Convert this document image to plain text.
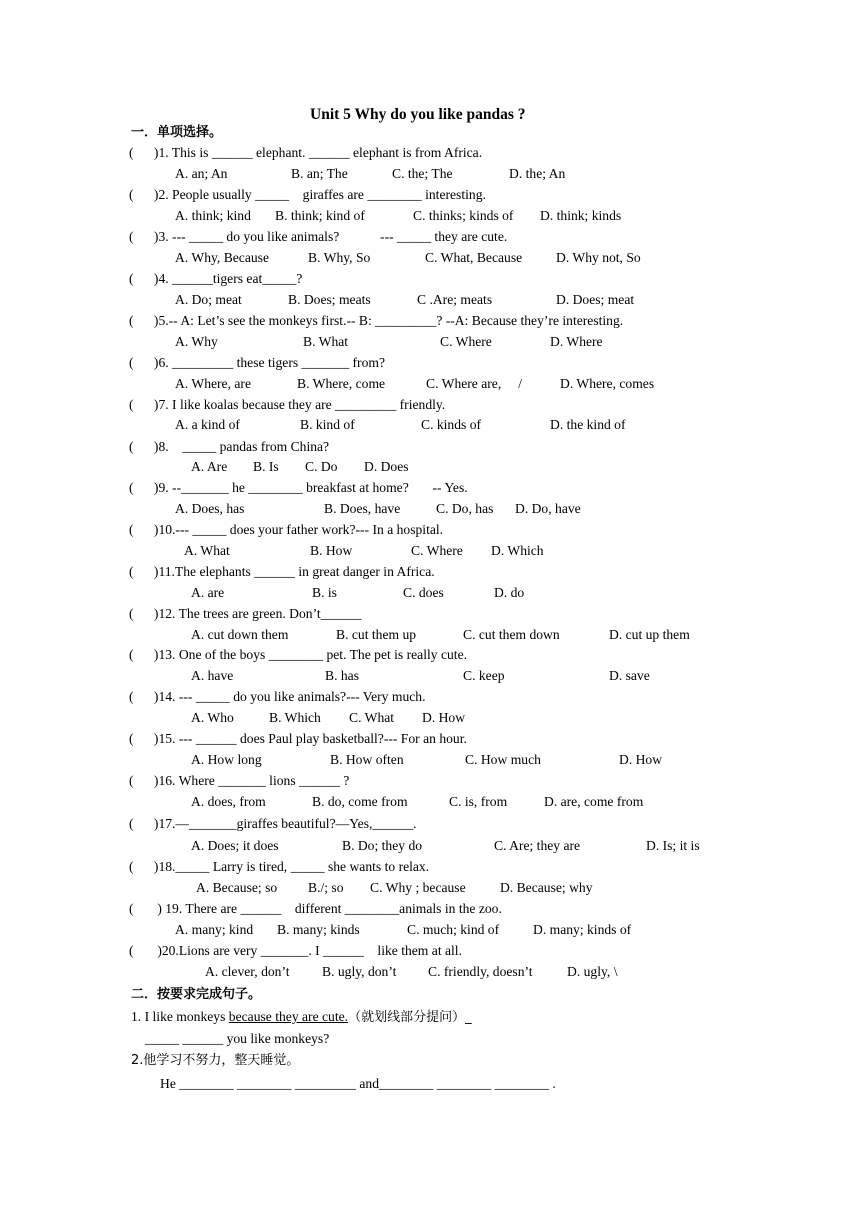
Unit 5 Why do you like pandas ?
一．单项选择。
(      )1. This is ______ elephant. ______ elephant is from Africa.
A. an; An	B. an; The	C. the; The	D. the; An
(      )2. People usually _____    giraffes are ________ interesting.
A. think; kind B. think; kind of	C. thinks; kinds of D. think; kinds
(      )3. --- _____ do you like animals?            --- _____ they are cute.
A. Why, Because	B. Why, So	C. What, Because D. Why not, So
(      )4. ______tigers eat_____?
A. Do; meat	B. Does; meats	C .Are; meats	D. Does; meat
(      )5.-- A: Let’s see the monkeys first.-- B: _________? --A: Because they’re interesting.
A. Why	B. What	C. Where	D. Where
(      )6. _________ these tigers _______ from?
A. Where, are	B. Where, come	C. Where are,     /	D. Where, comes
(      )7. I like koalas because they are _________ friendly.
A. a kind of	B. kind of	C. kinds of	D. the kind of
(      )8.    _____ pandas from China?
A. Are B. Is C. Do D. Does
(      )9. --_______ he ________ breakfast at home?       -- Yes.
A. Does, has	B. Does, have	C. Do, has D. Do, have
(      )10.--- _____ does your father work?--- In a hospital.
A. What	B. How	C. Where D. Which
(      )11.The elephants ______ in great danger in Africa.
A. are	B. is	C. does	D. do
(      )12. The trees are green. Don’t______
A. cut down them	B. cut them up	C. cut them down	D. cut up them
(      )13. One of the boys ________ pet. The pet is really cute.
A. have	B. has	C. keep	D. save
(      )14. --- _____ do you like animals?--- Very much.
A. Who	B. Which C. What D. How
(      )15. --- ______ does Paul play basketball?--- For an hour.
A. How long	B. How often	C. How much	D. How
(      )16. Where _______ lions ______ ?
A. does, from	B. do, come from	C. is, from	D. are, come from
(      )17.—_______giraffes beautiful?—Yes,______.
A. Does; it does	B. Do; they do	C. Are; they are	D. Is; it is
(      )18._____ Larry is tired, _____ she wants to relax.
A. Because; so B./; so C. Why ; because	D. Because; why
(       ) 19. There are ______    different ________animals in the zoo.
A. many; kind B. many; kinds	C. much; kind of D. many; kinds of
(       )20.Lions are very _______. I ______    like them at all.
A. clever, don’t B. ugly, don’t C. friendly, doesn’t	D. ugly, \
二．按要求完成句子。
1. I like monkeys because they are cute.（就划线部分提问）_
_____ ______ you like monkeys?
2.他学习不努力，整天睡觉。
He ________ ________ _________ and________ ________ ________ .
